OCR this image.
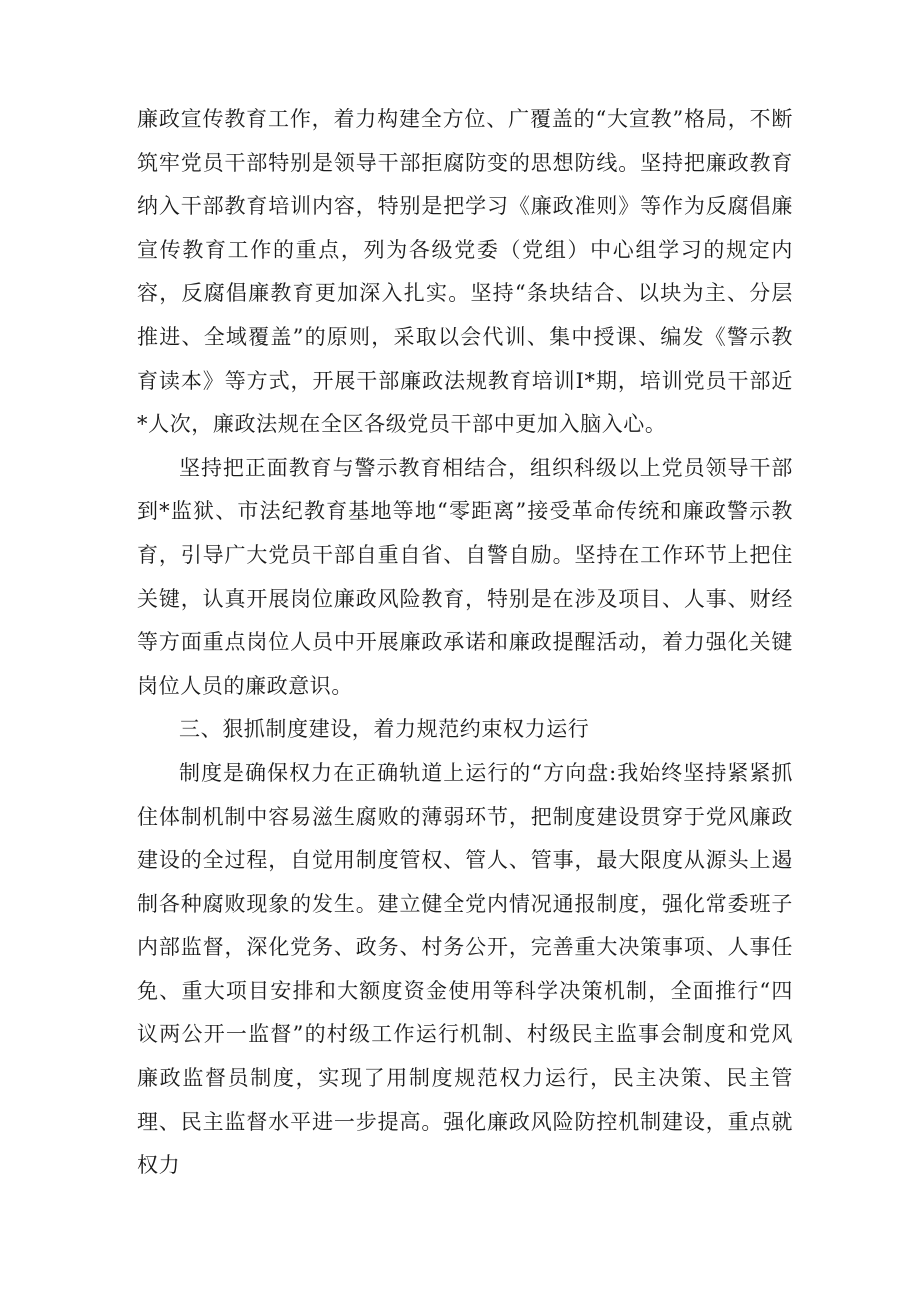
廉政宣传教育工作，着力构建全方位、广覆盖的“大宣教”格局，不断筑牢党员干部特别是领导干部拒腐防变的思想防线。坚持把廉政教育纳入干部教育培训内容，特别是把学习《廉政准则》等作为反腐倡廉宣传教育工作的重点，列为各级党委（党组）中心组学习的规定内容，反腐倡廉教育更加深入扎实。坚持“条块结合、以块为主、分层推进、全域覆盖”的原则，采取以会代训、集中授课、编发《警示教育读本》等方式，开展干部廉政法规教育培训I*期，培训党员干部近*人次，廉政法规在全区各级党员干部中更加入脑入心。

坚持把正面教育与警示教育相结合，组织科级以上党员领导干部到*监狱、市法纪教育基地等地“零距离”接受革命传统和廉政警示教育，引导广大党员干部自重自省、自警自励。坚持在工作环节上把住关键，认真开展岗位廉政风险教育，特别是在涉及项目、人事、财经等方面重点岗位人员中开展廉政承诺和廉政提醒活动，着力强化关键岗位人员的廉政意识。

三、狠抓制度建设，着力规范约束权力运行

制度是确保权力在正确轨道上运行的“方向盘:我始终坚持紧紧抓住体制机制中容易滋生腐败的薄弱环节，把制度建设贯穿于党风廉政建设的全过程，自觉用制度管权、管人、管事，最大限度从源头上遏制各种腐败现象的发生。建立健全党内情况通报制度，强化常委班子内部监督，深化党务、政务、村务公开，完善重大决策事项、人事任免、重大项目安排和大额度资金使用等科学决策机制，全面推行“四议两公开一监督”的村级工作运行机制、村级民主监事会制度和党风廉政监督员制度，实现了用制度规范权力运行，民主决策、民主管理、民主监督水平进一步提高。强化廉政风险防控机制建设，重点就权力
